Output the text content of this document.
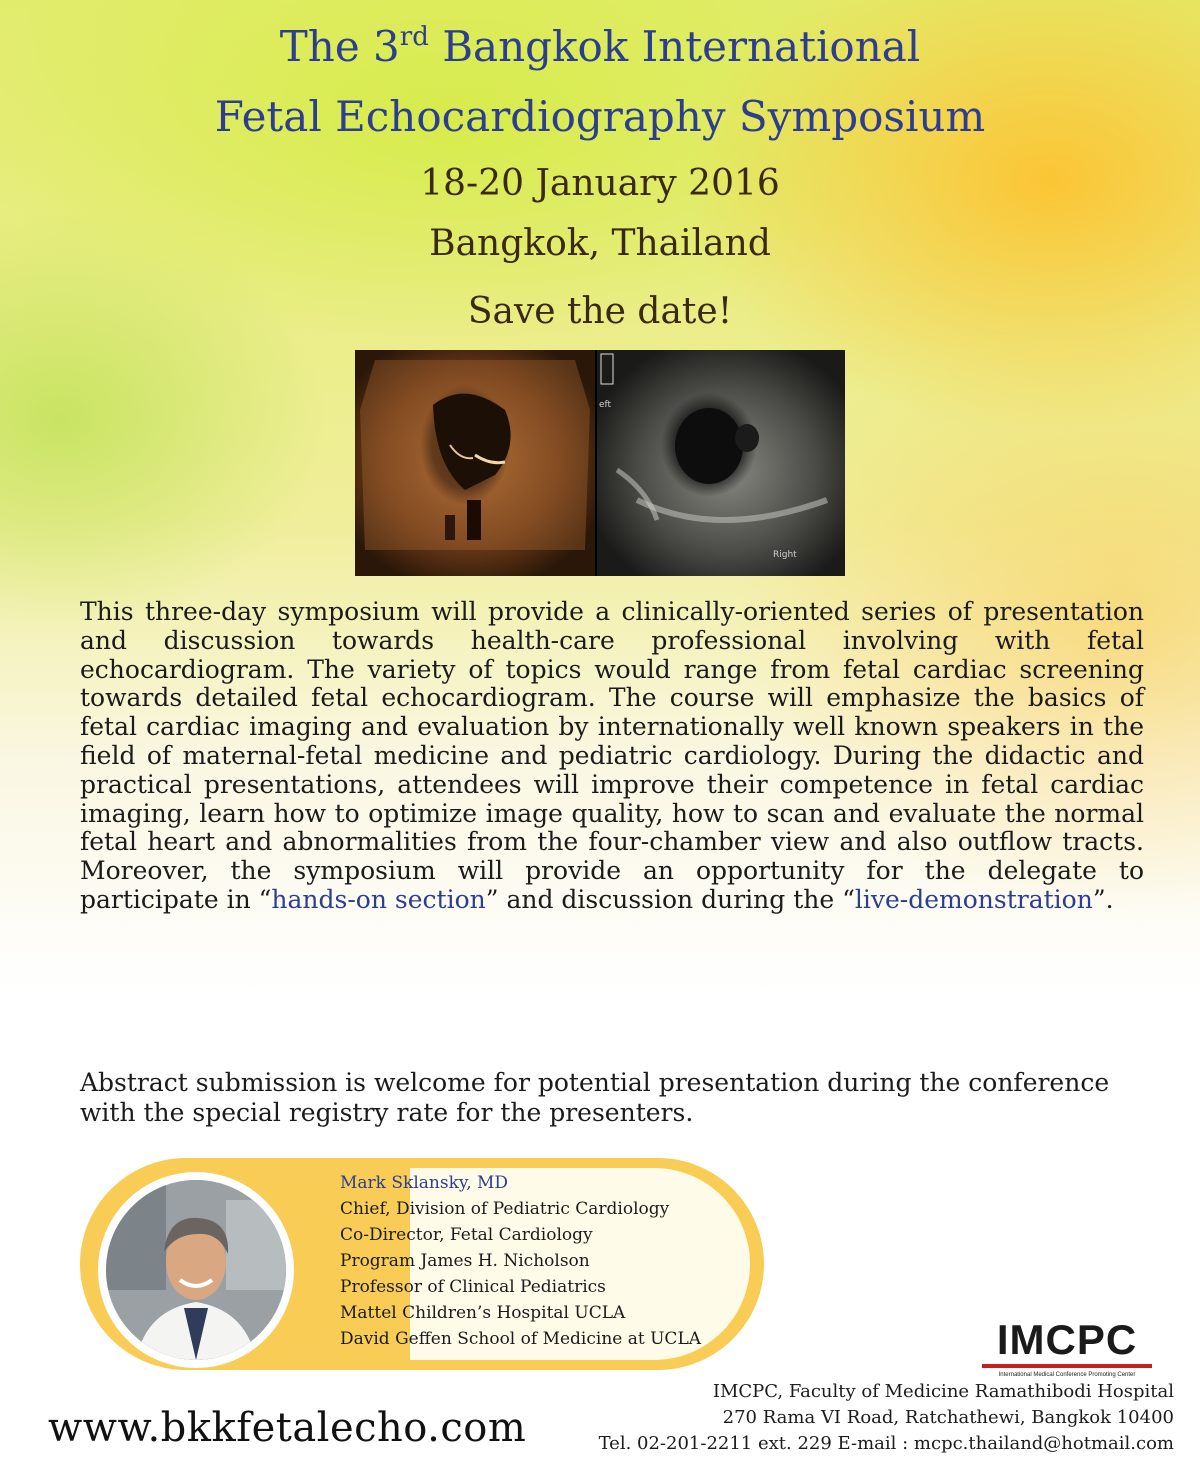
The 3rd Bangkok International
Fetal Echocardiography Symposium
18-20 January 2016
Bangkok, Thailand
Save the date!
eft
Right

This three-day symposium will provide a clinically-oriented series of presentation and discussion towards health-care professional involving with fetal echocardiogram. The variety of topics would range from fetal cardiac screening towards detailed fetal echocardiogram. The course will emphasize the basics of fetal cardiac imaging and evaluation by internationally well known speakers in the field of maternal-fetal medicine and pediatric cardiology. During the didactic and practical presentations, attendees will improve their competence in fetal cardiac imaging, learn how to optimize image quality, how to scan and evaluate the normal fetal heart and abnormalities from the four-chamber view and also outflow tracts. Moreover, the symposium will provide an opportunity for the delegate to participate in “hands-on section” and discussion during the “live-demonstration”.

Abstract submission is welcome for potential presentation during the conference with the special registry rate for the presenters.
Mark Sklansky, MD
Chief, Division of Pediatric Cardiology
Co-Director, Fetal Cardiology
Program James H. Nicholson
Professor of Clinical Pediatrics
Mattel Children’s Hospital UCLA
David Geffen School of Medicine at UCLA	IMCPC
International Medical Conference Promoting Center
www.bkkfetalecho.com
IMCPC, Faculty of Medicine Ramathibodi Hospital
270 Rama VI Road, Ratchathewi, Bangkok 10400
Tel. 02-201-2211 ext. 229 E-mail : mcpc.thailand@hotmail.com
